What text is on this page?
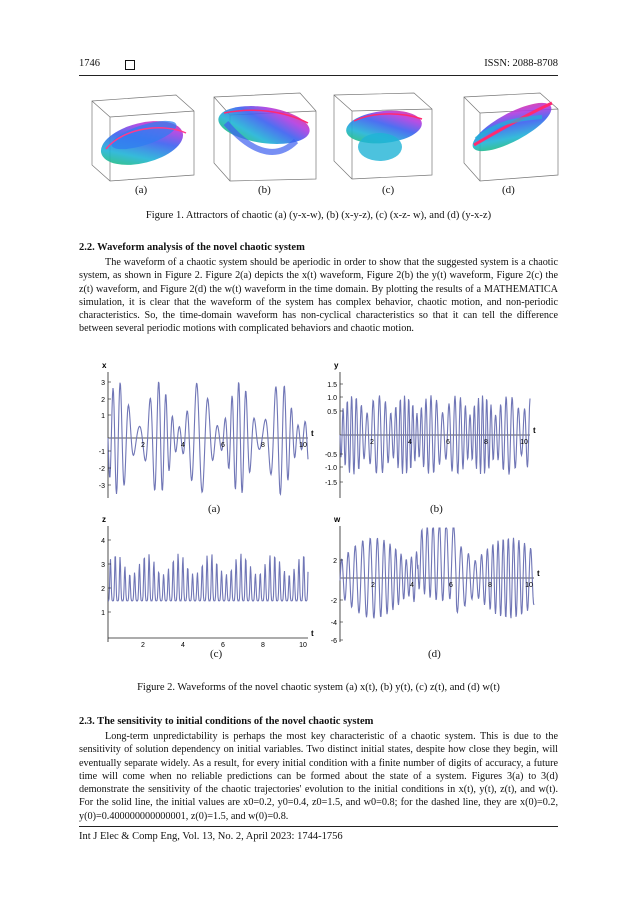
1746	ISSN: 2088-8708
(a)	(b)	(c)	(d)
Figure 1. Attractors of chaotic (a) (y-x-w), (b) (x-y-z), (c) (x-z- w), and (d) (y-x-z)
2.2. Waveform analysis of the novel chaotic system

The waveform of a chaotic system should be aperiodic in order to show that the suggested system is a chaotic system, as shown in Figure 2. Figure 2(a) depicts the x(t) waveform, Figure 2(b) the y(t) waveform, Figure 2(c) the z(t) waveform, and Figure 2(d) the w(t) waveform in the time domain. By plotting the results of a MATHEMATICA simulation, it is clear that the waveform of the system has complex behavior, chaotic motion, and non-periodic characteristics. So, the time-domain waveform has non-cyclical characteristics so that it can tell the difference between several periodic motions with complicated behaviors and chaotic motion.

3
2
1
-1
-2
-3
2	4	6	8	10
x
t
(a)
1.5
1.0
0.5
-0.5
-1.0
-1.5
2	4	6	8	10
y
t
(b)
4
3
2
1
2	4	6	8	10
z
t
(c)
2
-2
-4
-6
2	4	6	8	10
w
t
(d)
Figure 2. Waveforms of the novel chaotic system (a) x(t), (b) y(t), (c) z(t), and (d) w(t)
2.3. The sensitivity to initial conditions of the novel chaotic system

Long-term unpredictability is perhaps the most key characteristic of a chaotic system. This is due to the sensitivity of solution dependency on initial variables. Two distinct initial states, despite how close they begin, will eventually separate widely. As a result, for every initial condition with a finite number of digits of accuracy, a future time will come when no reliable predictions can be formed about the state of a system. Figures 3(a) to 3(d) demonstrate the sensitivity of the chaotic trajectories' evolution to the initial conditions in x(t), y(t), z(t), and w(t). For the solid line, the initial values are x0=0.2, y0=0.4, z0=1.5, and w0=0.8; for the dashed line, they are x(0)=0.2, y(0)=0.400000000000001, z(0)=1.5, and w(0)=0.8.

Int J Elec & Comp Eng, Vol. 13, No. 2, April 2023: 1744-1756
